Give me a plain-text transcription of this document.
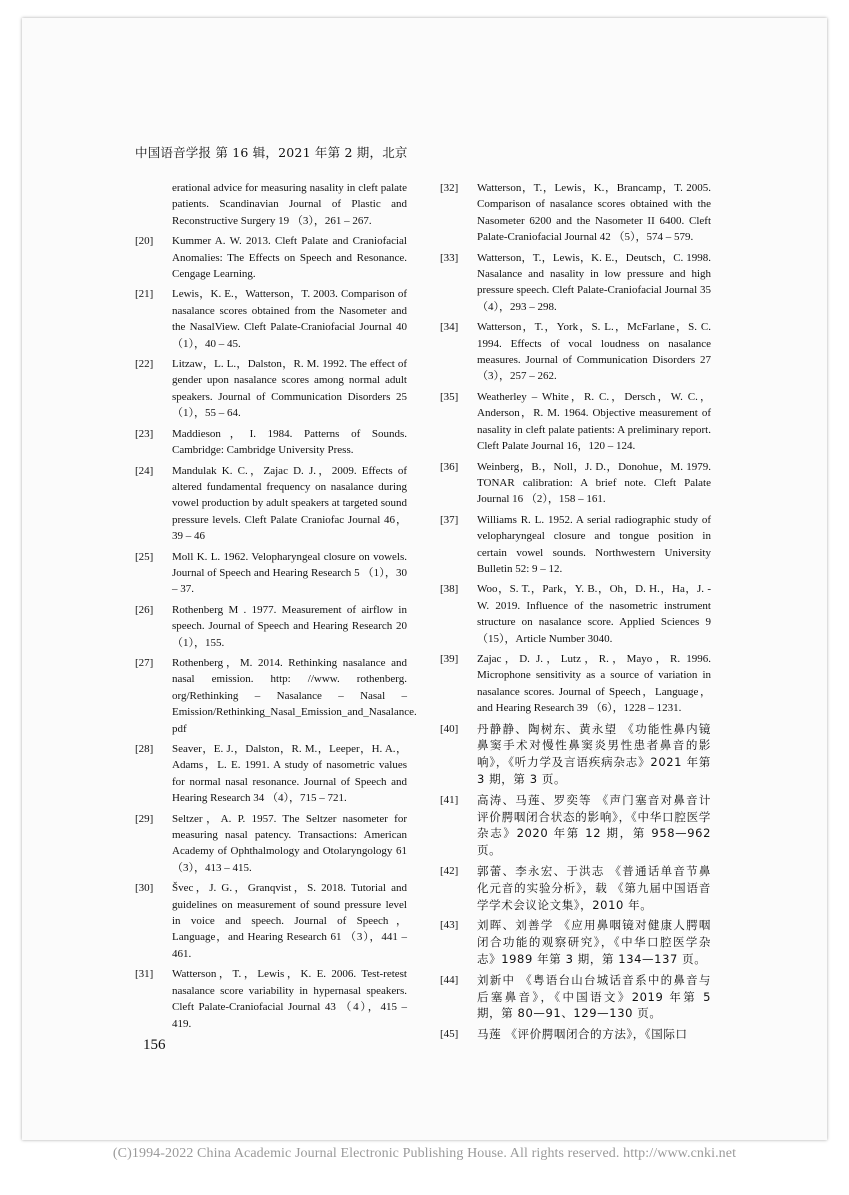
中国语音学报 第 16 辑，2021 年第 2 期，北京
erational advice for measuring nasality in cleft palate patients. Scandinavian Journal of Plastic and Reconstructive Surgery 19 （3），261 – 267.
[20] Kummer A. W. 2013. Cleft Palate and Craniofacial Anomalies: The Effects on Speech and Resonance. Cengage Learning.
[21] Lewis，K. E.，Watterson，T. 2003. Comparison of nasalance scores obtained from the Nasometer and the NasalView. Cleft Palate-Craniofacial Journal 40 （1），40 – 45.
[22] Litzaw，L. L.，Dalston，R. M. 1992. The effect of gender upon nasalance scores among normal adult speakers. Journal of Communication Disorders 25 （1），55 – 64.
[23] Maddieson，I. 1984. Patterns of Sounds. Cambridge: Cambridge University Press.
[24] Mandulak K. C.，Zajac D. J.，2009. Effects of altered fundamental frequency on nasalance during vowel production by adult speakers at targeted sound pressure levels. Cleft Palate Craniofac Journal 46，39 – 46
[25] Moll K. L. 1962. Velopharyngeal closure on vowels. Journal of Speech and Hearing Research 5 （1），30 – 37.
[26] Rothenberg M . 1977. Measurement of airflow in speech. Journal of Speech and Hearing Research 20 （1），155.
[27] Rothenberg，M. 2014. Rethinking nasalance and nasal emission. http: //www. rothenberg. org/Rethinking – Nasalance – Nasal – Emission/Rethinking_Nasal_Emission_and_Nasalance. pdf
[28] Seaver，E. J.，Dalston，R. M.，Leeper，H. A.，Adams，L. E. 1991. A study of nasometric values for normal nasal resonance. Journal of Speech and Hearing Research 34 （4），715 – 721.
[29] Seltzer，A. P. 1957. The Seltzer nasometer for measuring nasal patency. Transactions: American Academy of Ophthalmology and Otolaryngology 61 （3），413 – 415.
[30] Švec，J. G.，Granqvist，S. 2018. Tutorial and guidelines on measurement of sound pressure level in voice and speech. Journal of Speech，Language，and Hearing Research 61 （3），441 – 461.
[31] Watterson，T.，Lewis，K. E. 2006. Test-retest nasalance score variability in hypernasal speakers. Cleft Palate-Craniofacial Journal 43 （4），415 – 419.
[32] Watterson，T.，Lewis，K.，Brancamp，T. 2005. Comparison of nasalance scores obtained with the Nasometer 6200 and the Nasometer II 6400. Cleft Palate-Craniofacial Journal 42 （5），574 – 579.
[33] Watterson，T.，Lewis，K. E.，Deutsch，C. 1998. Nasalance and nasality in low pressure and high pressure speech. Cleft Palate-Craniofacial Journal 35 （4），293 – 298.
[34] Watterson，T.，York，S. L.，McFarlane，S. C. 1994. Effects of vocal loudness on nasalance measures. Journal of Communication Disorders 27 （3），257 – 262.
[35] Weatherley – White，R. C.，Dersch，W. C.，Anderson，R. M. 1964. Objective measurement of nasality in cleft palate patients: A preliminary report. Cleft Palate Journal 16，120 – 124.
[36] Weinberg，B.，Noll，J. D.，Donohue，M. 1979. TONAR calibration: A brief note. Cleft Palate Journal 16 （2），158 – 161.
[37] Williams R. L. 1952. A serial radiographic study of velopharyngeal closure and tongue position in certain vowel sounds. Northwestern University Bulletin 52: 9 – 12.
[38] Woo，S. T.，Park，Y. B.，Oh，D. H.，Ha，J. -W. 2019. Influence of the nasometric instrument structure on nasalance score. Applied Sciences 9 （15），Article Number 3040.
[39] Zajac，D. J.，Lutz，R.，Mayo，R. 1996. Microphone sensitivity as a source of variation in nasalance scores. Journal of Speech，Language，and Hearing Research 39 （6），1228 – 1231.
[40] 丹静静、陶树东、黄永望 《功能性鼻内镜鼻窦手术对慢性鼻窦炎男性患者鼻音的影响》，《听力学及言语疾病杂志》2021 年第 3 期，第 3 页。
[41] 高涛、马莲、罗奕等 《声门塞音对鼻音计评价腭咽闭合状态的影响》，《中华口腔医学杂志》2020 年第 12 期，第 958—962 页。
[42] 郭蕾、李永宏、于洪志 《普通话单音节鼻化元音的实验分析》，载 《第九届中国语音学学术会议论文集》，2010 年。
[43] 刘晖、刘善学 《应用鼻咽镜对健康人腭咽闭合功能的观察研究》，《中华口腔医学杂志》1989 年第 3 期，第 134—137 页。
[44] 刘新中 《粤语台山台城话音系中的鼻音与后塞鼻音》，《中国语文》2019 年第 5 期，第 80—91、129—130 页。
[45] 马莲 《评价腭咽闭合的方法》，《国际口
156
(C)1994-2022 China Academic Journal Electronic Publishing House. All rights reserved. http://www.cnki.net
